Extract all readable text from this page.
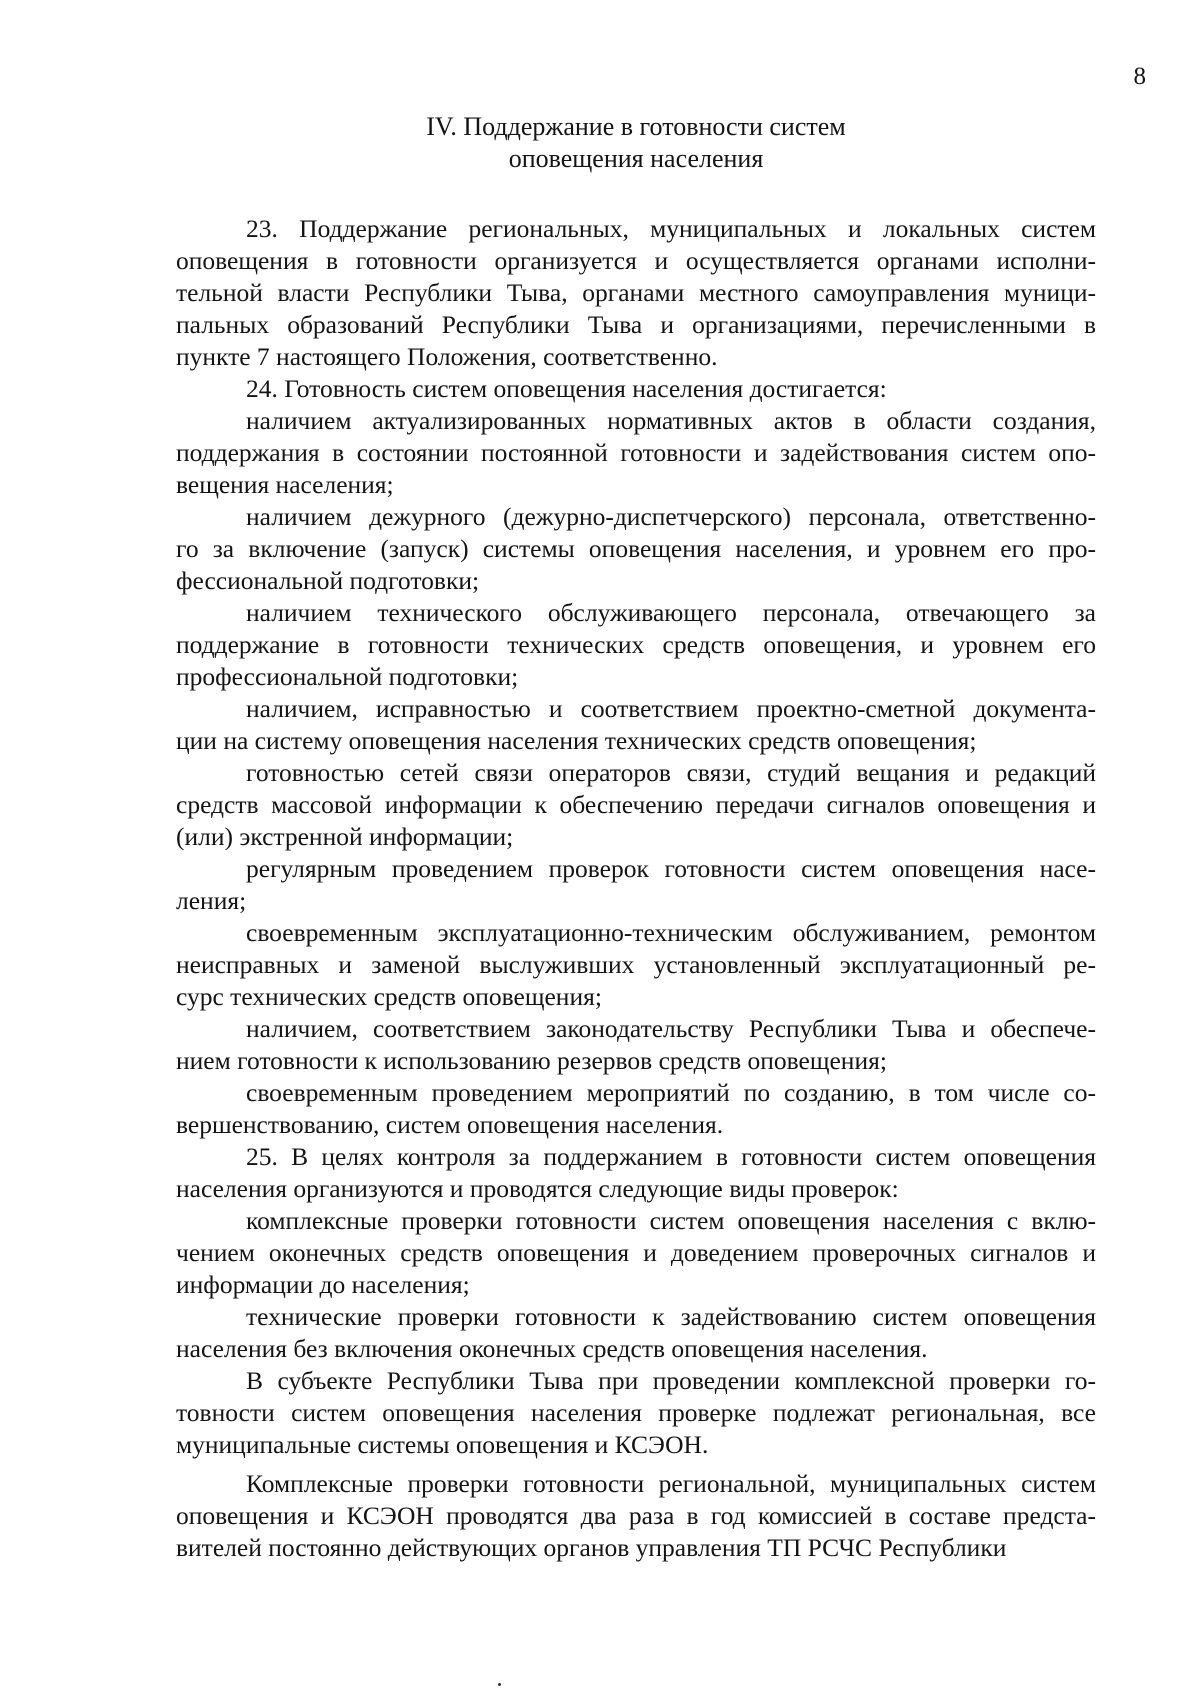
8
IV. Поддержание в готовности систем
оповещения населения
23. Поддержание региональных, муниципальных и локальных систем
оповещения в готовности организуется и осуществляется органами исполни-
тельной власти Республики Тыва, органами местного самоуправления муници-
пальных образований Республики Тыва и организациями, перечисленными в
пункте 7 настоящего Положения, соответственно.
24. Готовность систем оповещения населения достигается:
наличием актуализированных нормативных актов в области создания,
поддержания в состоянии постоянной готовности и задействования систем опо-
вещения населения;
наличием дежурного (дежурно-диспетчерского) персонала, ответственно-
го за включение (запуск) системы оповещения населения, и уровнем его про-
фессиональной подготовки;
наличием технического обслуживающего персонала, отвечающего за
поддержание в готовности технических средств оповещения, и уровнем его
профессиональной подготовки;
наличием, исправностью и соответствием проектно-сметной документа-
ции на систему оповещения населения технических средств оповещения;
готовностью сетей связи операторов связи, студий вещания и редакций
средств массовой информации к обеспечению передачи сигналов оповещения и
(или) экстренной информации;
регулярным проведением проверок готовности систем оповещения насе-
ления;
своевременным эксплуатационно-техническим обслуживанием, ремонтом
неисправных и заменой выслуживших установленный эксплуатационный ре-
сурс технических средств оповещения;
наличием, соответствием законодательству Республики Тыва и обеспече-
нием готовности к использованию резервов средств оповещения;
своевременным проведением мероприятий по созданию, в том числе со-
вершенствованию, систем оповещения населения.
25. В целях контроля за поддержанием в готовности систем оповещения
населения организуются и проводятся следующие виды проверок:
комплексные проверки готовности систем оповещения населения с вклю-
чением оконечных средств оповещения и доведением проверочных сигналов и
информации до населения;
технические проверки готовности к задействованию систем оповещения
населения без включения оконечных средств оповещения населения.
В субъекте Республики Тыва при проведении комплексной проверки го-
товности систем оповещения населения проверке подлежат региональная, все
муниципальные системы оповещения и КСЭОН.
Комплексные проверки готовности региональной, муниципальных систем
оповещения и КСЭОН проводятся два раза в год комиссией в составе предста-
вителей постоянно действующих органов управления ТП РСЧС Республики
